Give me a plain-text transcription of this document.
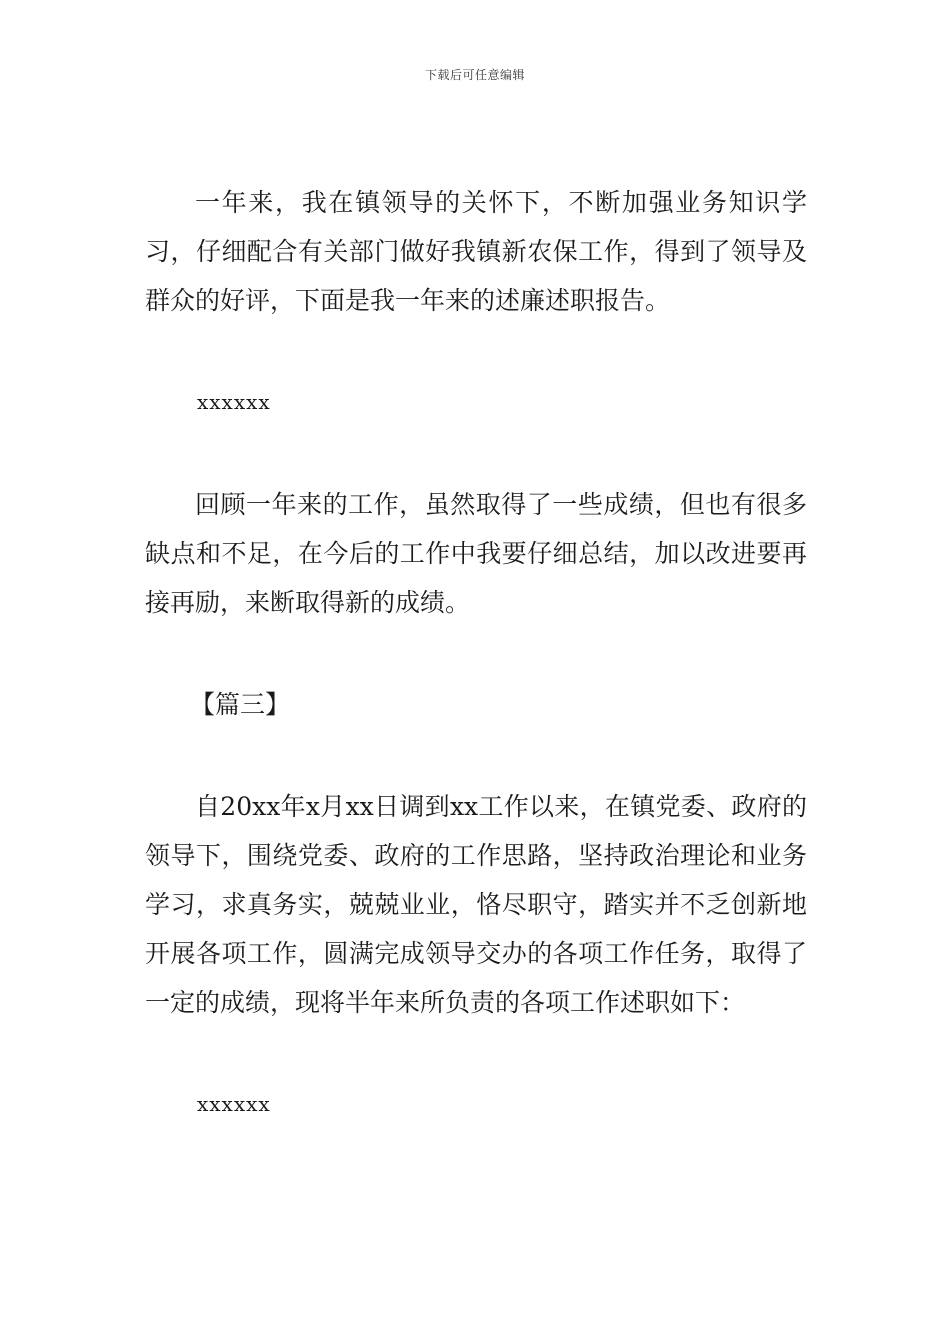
下载后可任意编辑

一年来，我在镇领导的关怀下，不断加强业务知识学习，仔细配合有关部门做好我镇新农保工作，得到了领导及群众的好评，下面是我一年来的述廉述职报告。

xxxxxx

回顾一年来的工作，虽然取得了一些成绩，但也有很多缺点和不足，在今后的工作中我要仔细总结，加以改进要再接再励，来断取得新的成绩。

【篇三】

自20xx年x月xx日调到xx工作以来，在镇党委、政府的领导下，围绕党委、政府的工作思路，坚持政治理论和业务学习，求真务实，兢兢业业，恪尽职守，踏实并不乏创新地开展各项工作，圆满完成领导交办的各项工作任务，取得了一定的成绩，现将半年来所负责的各项工作述职如下：

xxxxxx
